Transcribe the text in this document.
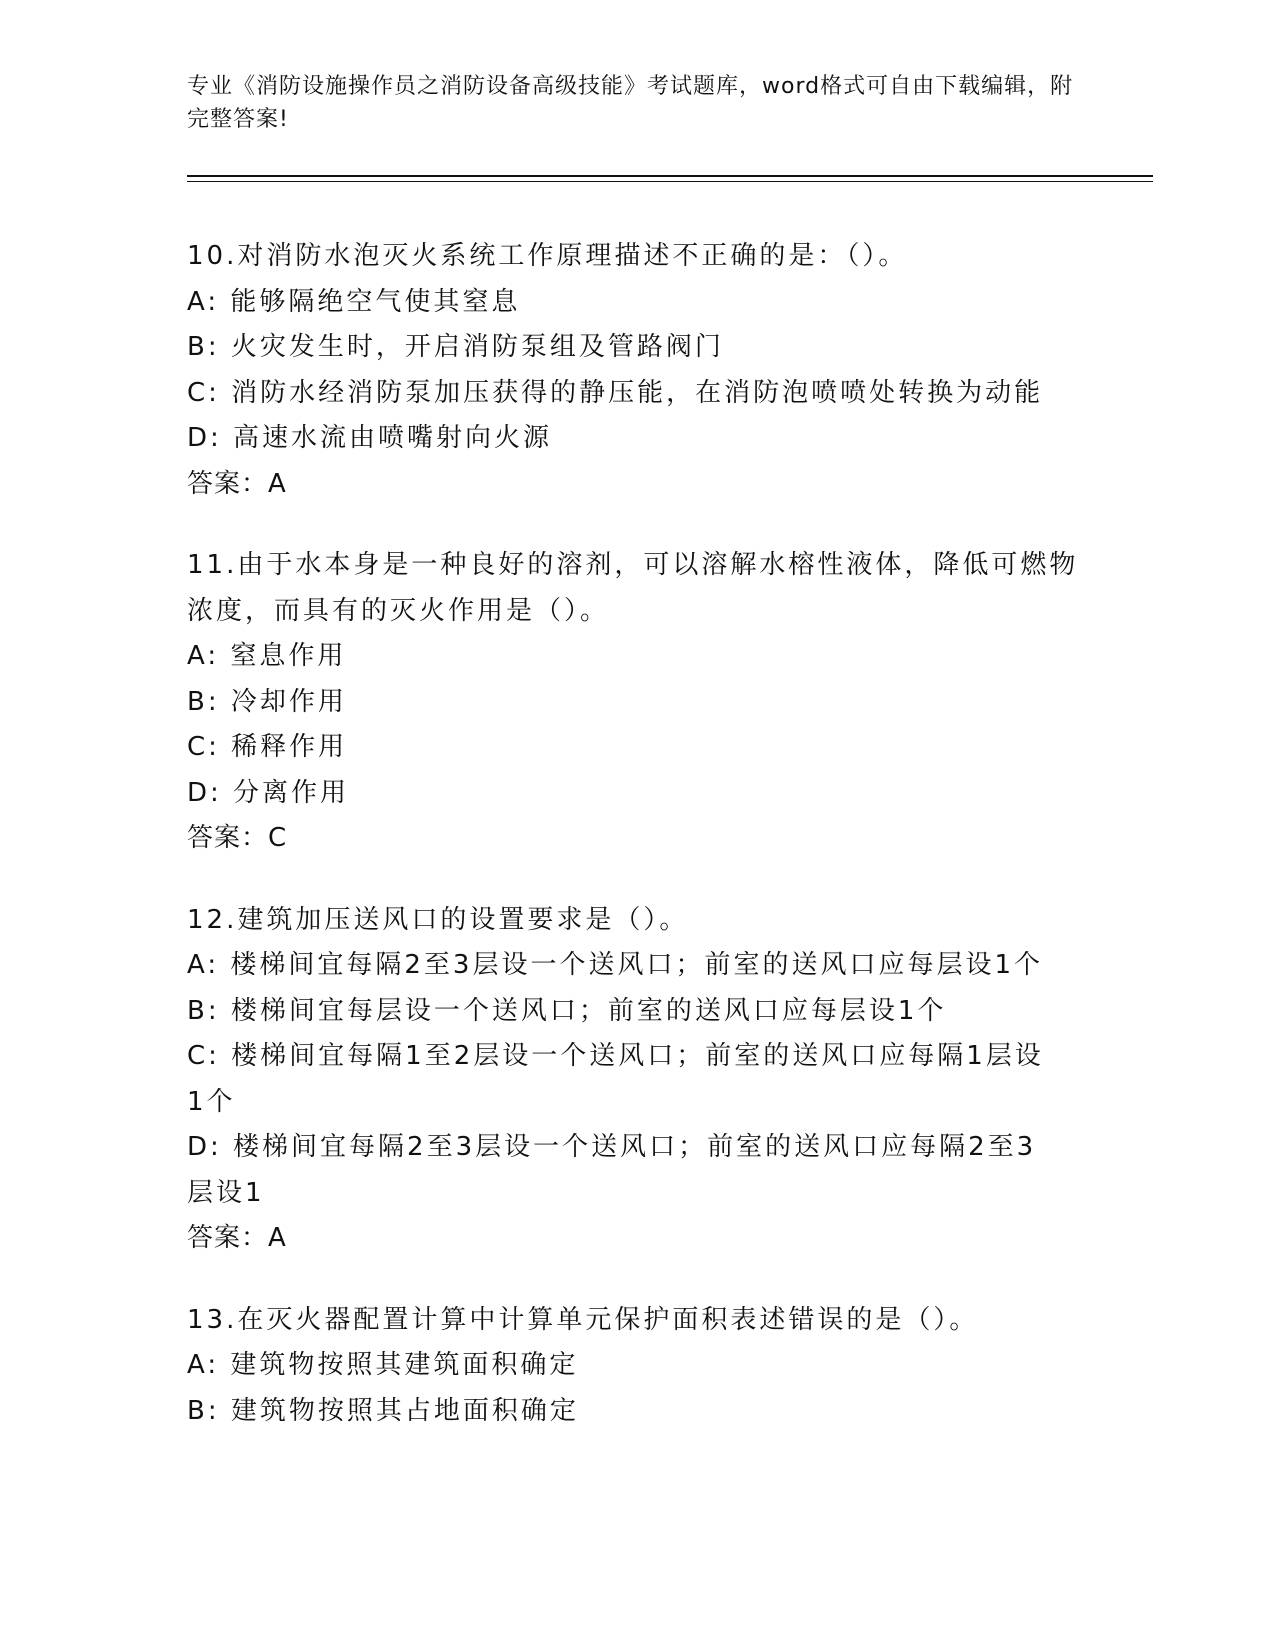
专业《消防设施操作员之消防设备高级技能》考试题库，word格式可自由下载编辑，附完整答案!
10.对消防水泡灭火系统工作原理描述不正确的是：（）。
A: 能够隔绝空气使其窒息
B: 火灾发生时，开启消防泵组及管路阀门
C: 消防水经消防泵加压获得的静压能，在消防泡喷喷处转换为动能
D: 高速水流由喷嘴射向火源
答案：A
11.由于水本身是一种良好的溶剂，可以溶解水榕性液体，降低可燃物
浓度，而具有的灭火作用是（）。
A: 窒息作用
B: 冷却作用
C: 稀释作用
D: 分离作用
答案：C
12.建筑加压送风口的设置要求是（）。
A: 楼梯间宜每隔2至3层设一个送风口；前室的送风口应每层设1个
B: 楼梯间宜每层设一个送风口；前室的送风口应每层设1个
C: 楼梯间宜每隔1至2层设一个送风口；前室的送风口应每隔1层设
1个
D: 楼梯间宜每隔2至3层设一个送风口；前室的送风口应每隔2至3
层设1
答案：A
13.在灭火器配置计算中计算单元保护面积表述错误的是（）。
A: 建筑物按照其建筑面积确定
B: 建筑物按照其占地面积确定
